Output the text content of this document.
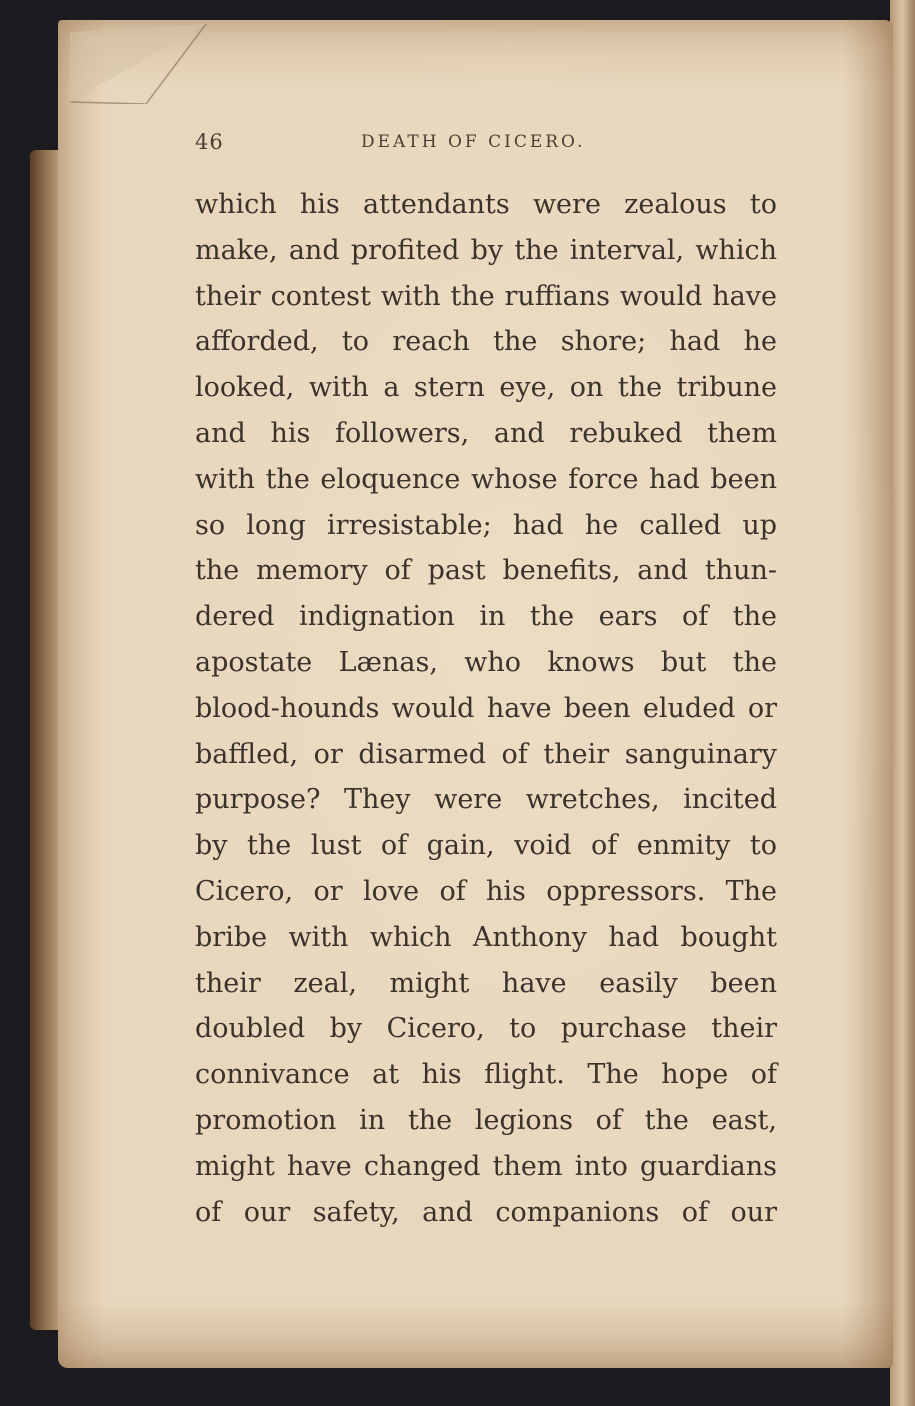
46	DEATH OF CICERO.
which his attendants were zealous to
make, and profited by the interval, which
their contest with the ruffians would have
afforded, to reach the shore; had he
looked, with a stern eye, on the tribune
and his followers, and rebuked them
with the eloquence whose force had been
so long irresistable; had he called up
the memory of past benefits, and thun-
dered indignation in the ears of the
apostate Lænas, who knows but the
blood-hounds would have been eluded or
baffled, or disarmed of their sanguinary
purpose? They were wretches, incited
by the lust of gain, void of enmity to
Cicero, or love of his oppressors. The
bribe with which Anthony had bought
their zeal, might have easily been
doubled by Cicero, to purchase their
connivance at his flight. The hope of
promotion in the legions of the east,
might have changed them into guardians
of our safety, and companions of our
